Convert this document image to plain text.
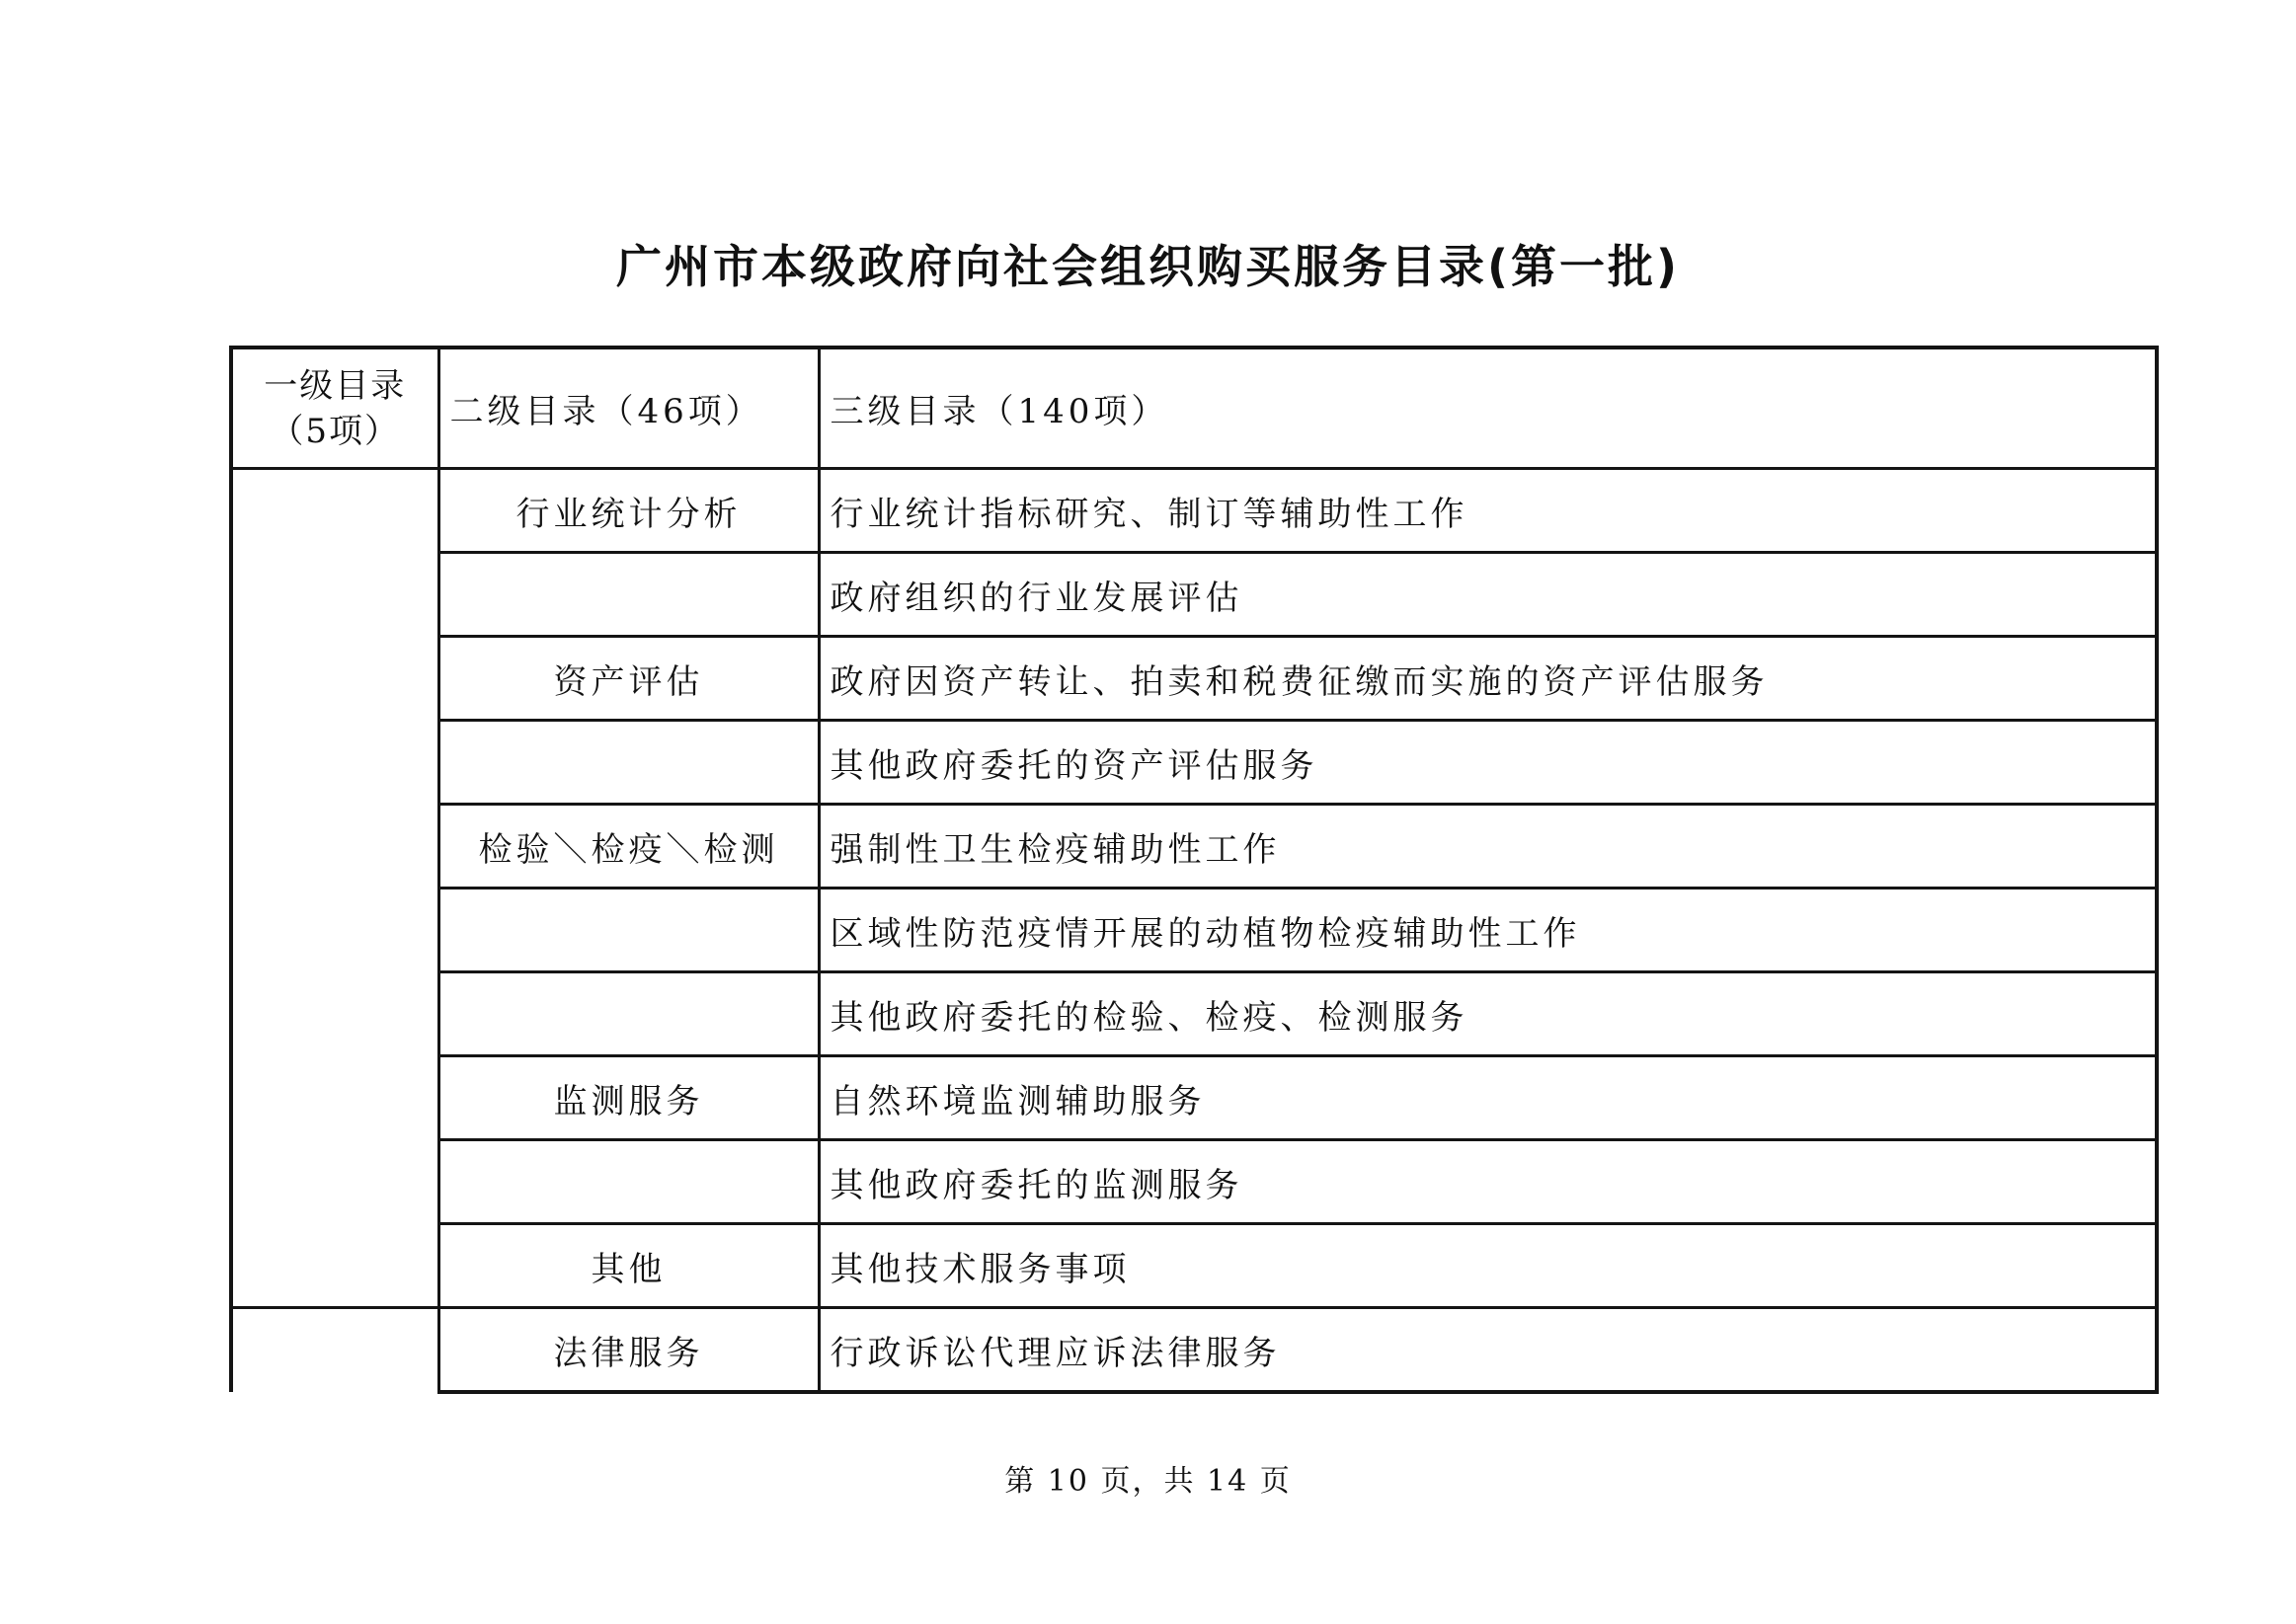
广州市本级政府向社会组织购买服务目录(第一批)
一级目录（5项）	二级目录（46项）	三级目录（140项）
	行业统计分析	行业统计指标研究、制订等辅助性工作
		政府组织的行业发展评估
	资产评估	政府因资产转让、拍卖和税费征缴而实施的资产评估服务
		其他政府委托的资产评估服务
	检验＼检疫＼检测	强制性卫生检疫辅助性工作
		区域性防范疫情开展的动植物检疫辅助性工作
		其他政府委托的检验、检疫、检测服务
	监测服务	自然环境监测辅助服务
		其他政府委托的监测服务
	其他	其他技术服务事项
	法律服务	行政诉讼代理应诉法律服务
第 10 页，共 14 页
